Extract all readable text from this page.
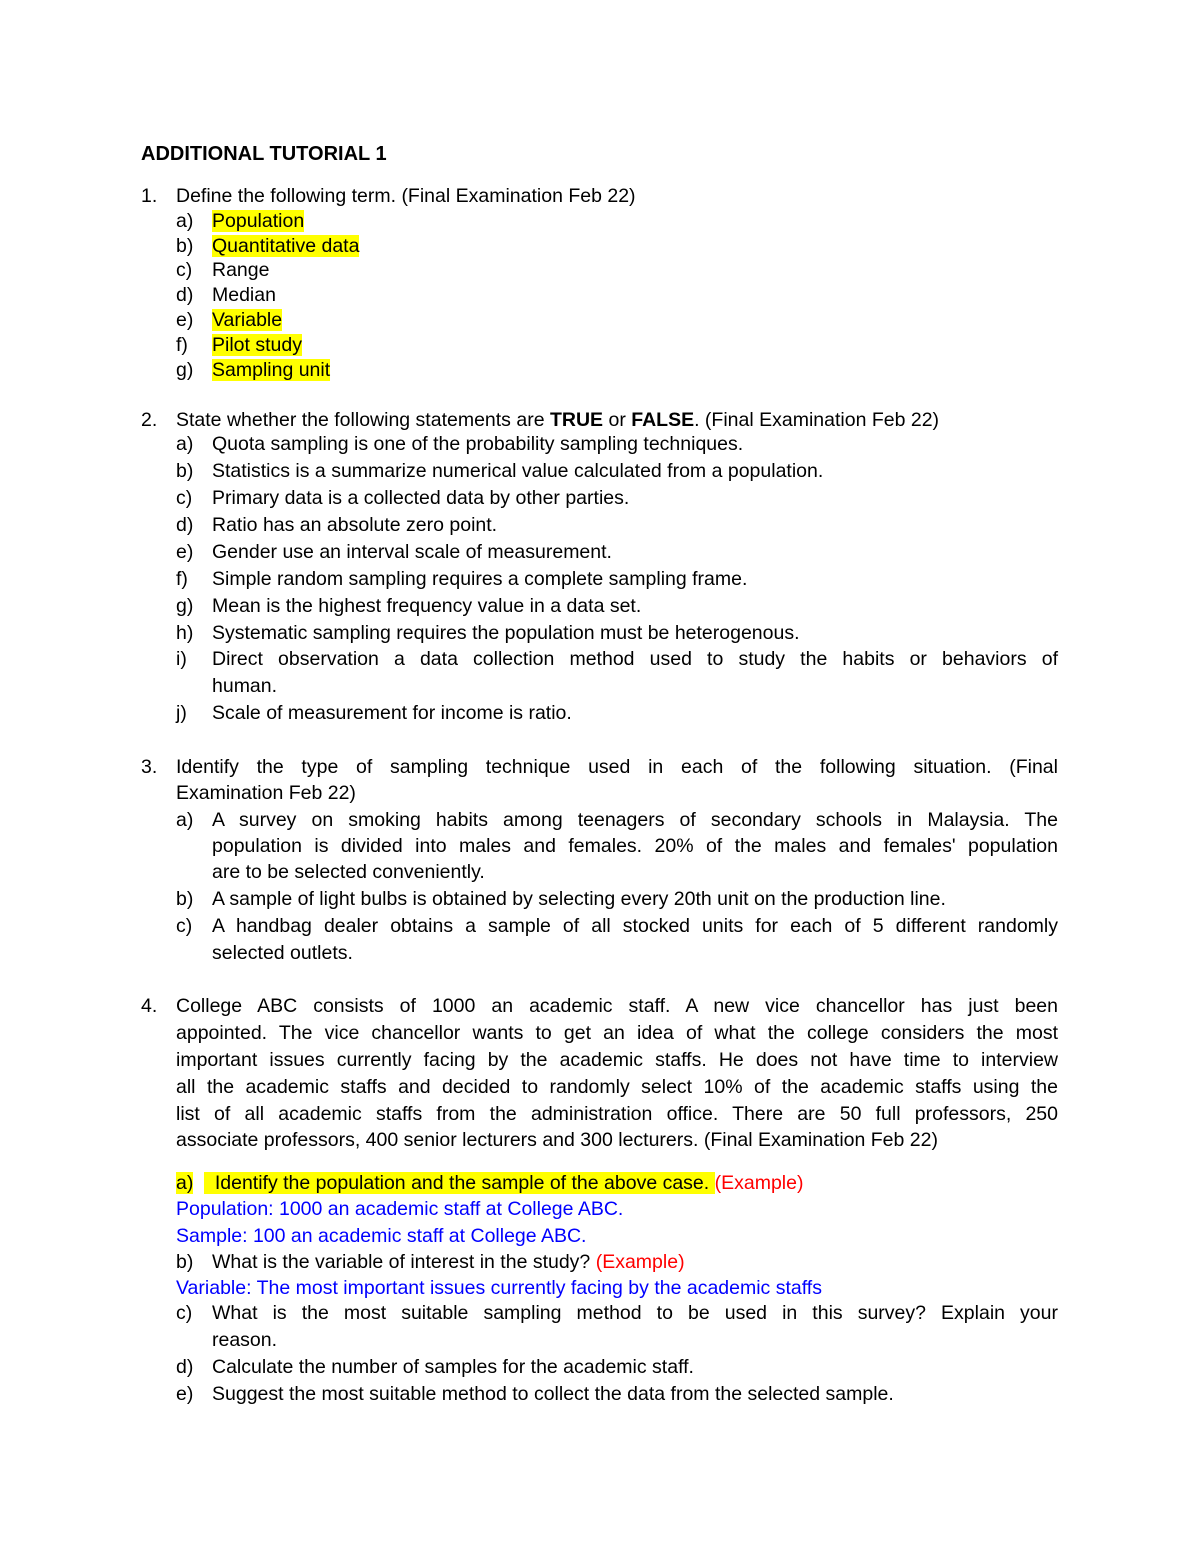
ADDITIONAL TUTORIAL 1
1. Define the following term. (Final Examination Feb 22)
a) Population
b) Quantitative data
c) Range
d) Median
e) Variable
f) Pilot study
g) Sampling unit
2. State whether the following statements are TRUE or FALSE. (Final Examination Feb 22)
a) Quota sampling is one of the probability sampling techniques.
b) Statistics is a summarize numerical value calculated from a population.
c) Primary data is a collected data by other parties.
d) Ratio has an absolute zero point.
e) Gender use an interval scale of measurement.
f) Simple random sampling requires a complete sampling frame.
g) Mean is the highest frequency value in a data set.
h) Systematic sampling requires the population must be heterogenous.
i) Direct observation a data collection method used to study the habits or behaviors of
human.
j) Scale of measurement for income is ratio.
3. Identify the type of sampling technique used in each of the following situation. (Final
Examination Feb 22)
a) A survey on smoking habits among teenagers of secondary schools in Malaysia. The
population is divided into males and females. 20% of the males and females' population
are to be selected conveniently.
b) A sample of light bulbs is obtained by selecting every 20th unit on the production line.
c) A handbag dealer obtains a sample of all stocked units for each of 5 different randomly
selected outlets.
4. College ABC consists of 1000 an academic staff. A new vice chancellor has just been
appointed. The vice chancellor wants to get an idea of what the college considers the most
important issues currently facing by the academic staffs. He does not have time to interview
all the academic staffs and decided to randomly select 10% of the academic staffs using the
list of all academic staffs from the administration office. There are 50 full professors, 250
associate professors, 400 senior lecturers and 300 lecturers. (Final Examination Feb 22)
a)	Identify the population and the sample of the above case. (Example)
Population: 1000 an academic staff at College ABC.
Sample: 100 an academic staff at College ABC.
b) What is the variable of interest in the study? (Example)
Variable: The most important issues currently facing by the academic staffs
c) What is the most suitable sampling method to be used in this survey? Explain your
reason.
d) Calculate the number of samples for the academic staff.
e) Suggest the most suitable method to collect the data from the selected sample.
